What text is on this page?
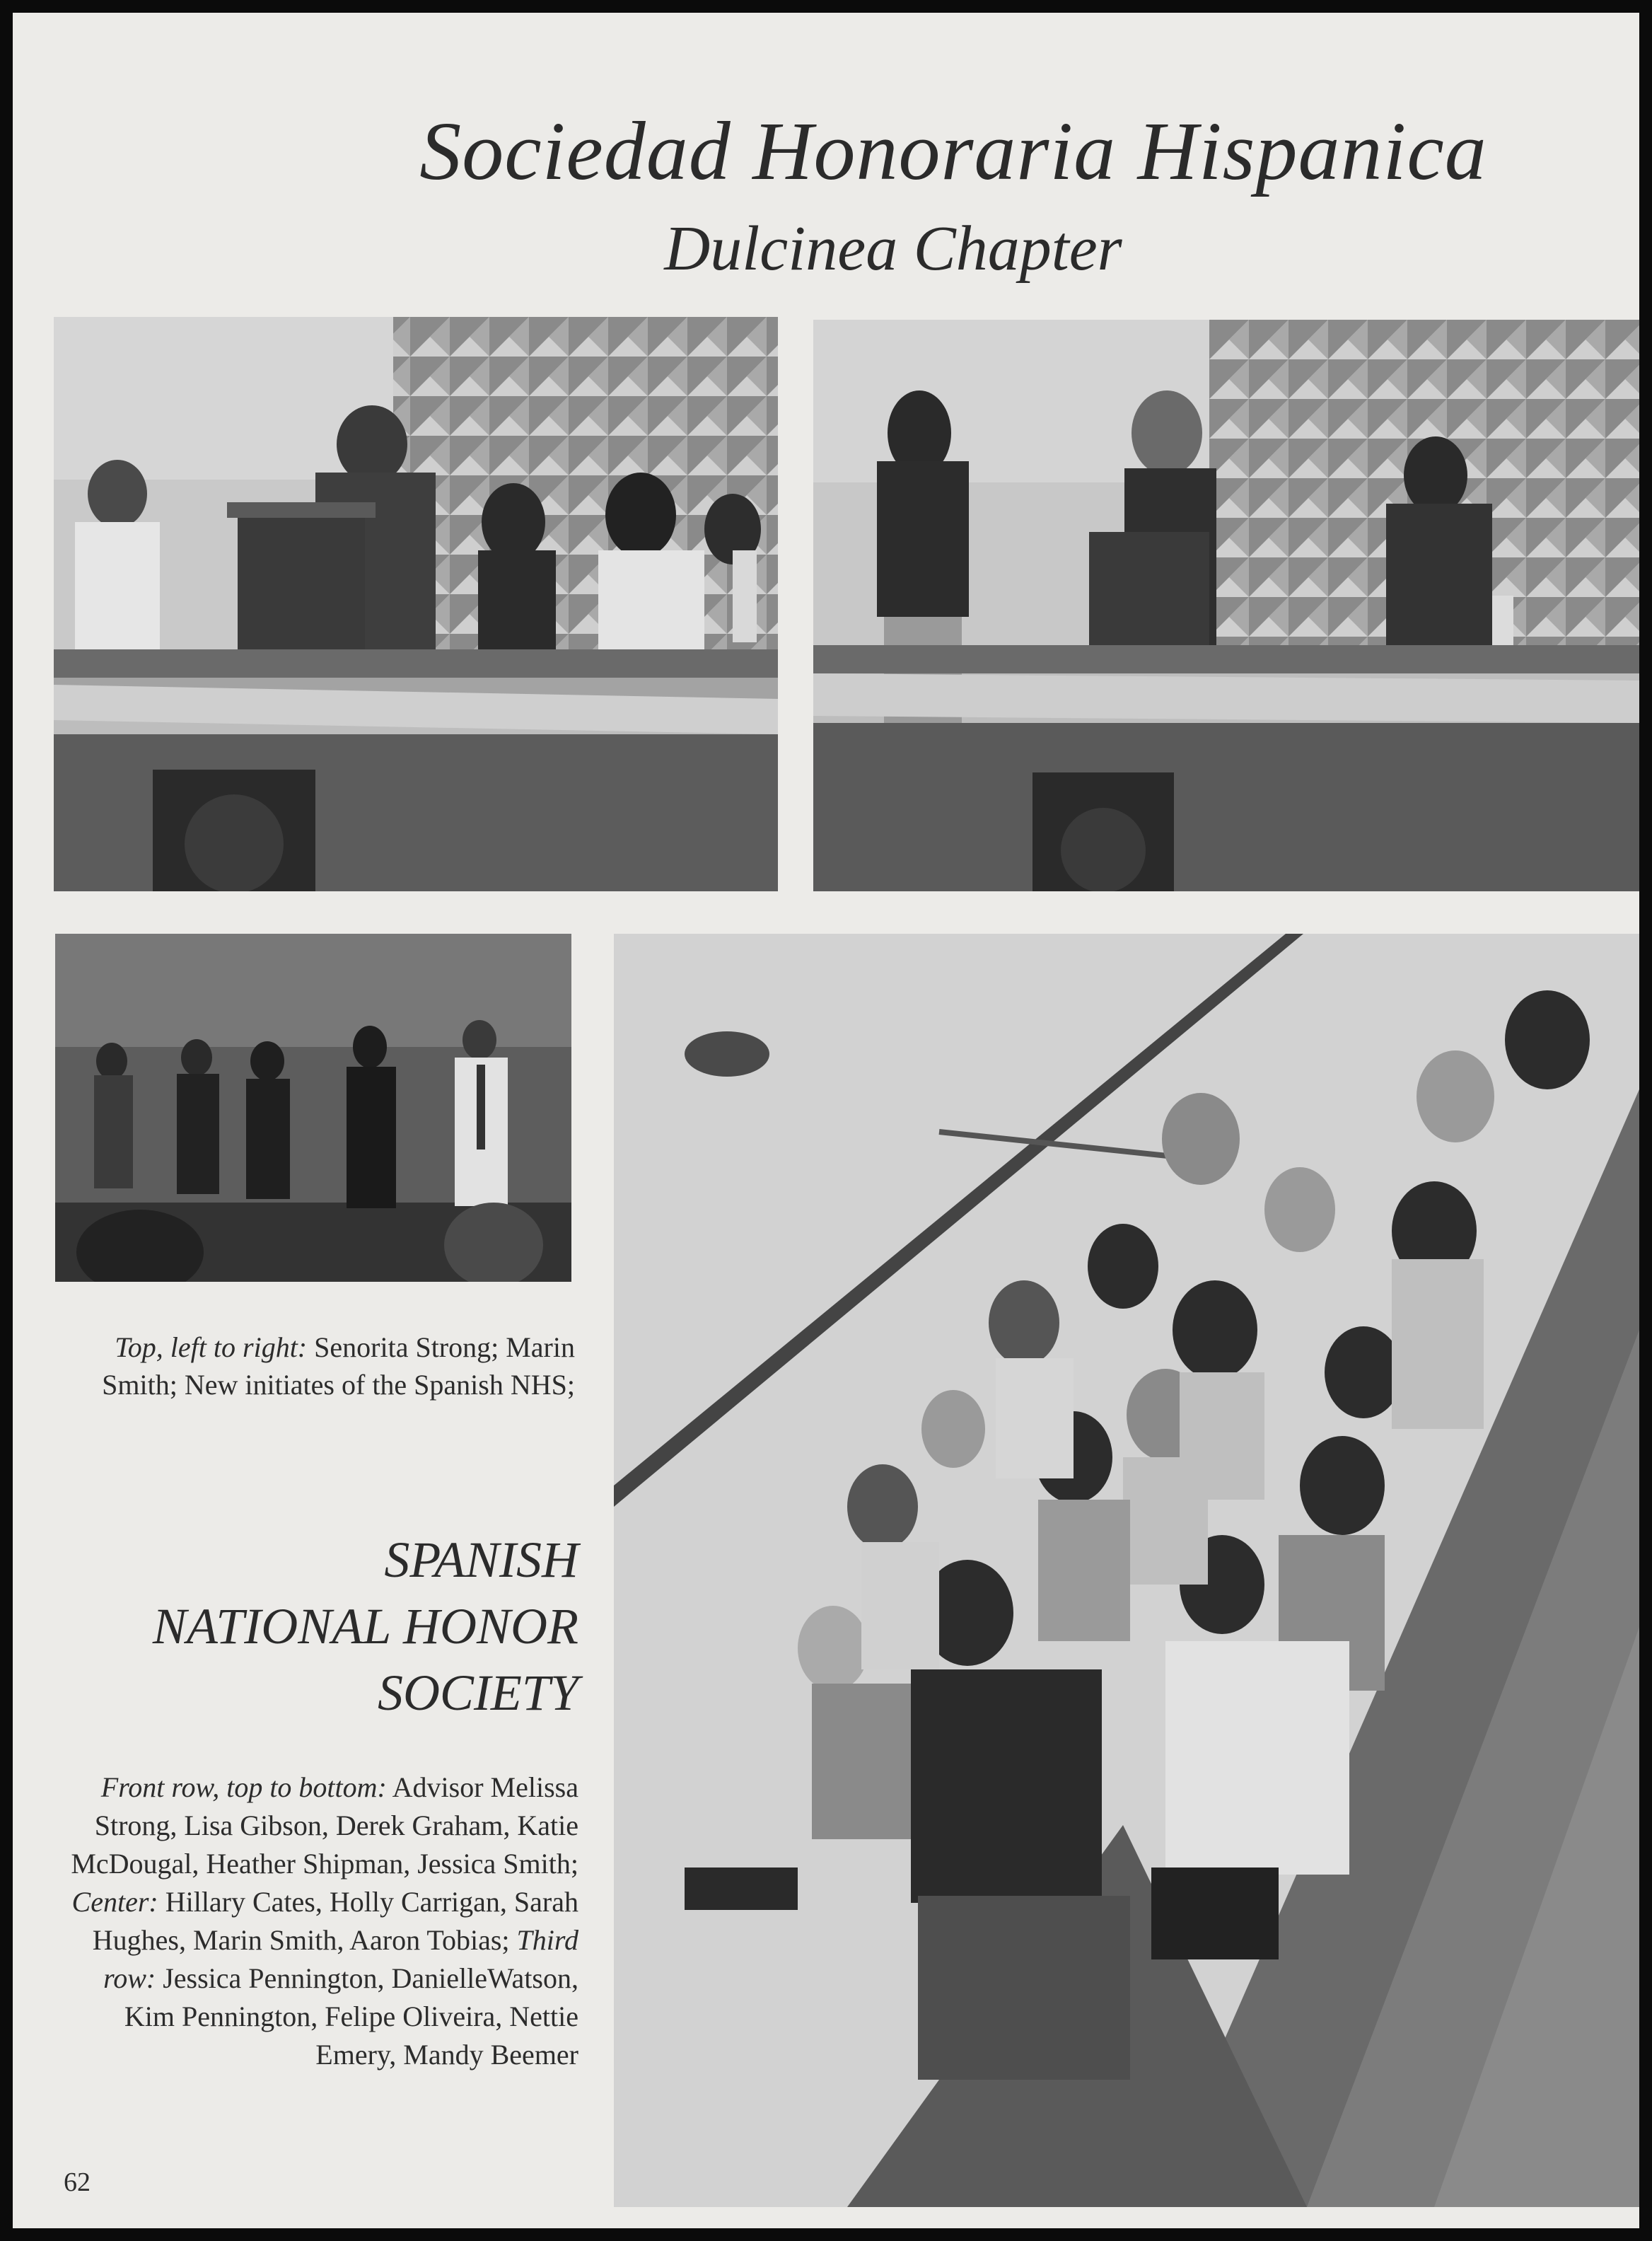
Sociedad Honoraria Hispanica
Dulcinea Chapter
Top, left to right: Senorita Strong; Marin Smith; New initiates of the Spanish NHS;
SPANISH
NATIONAL HONOR
SOCIETY
Front row, top to bottom: Advisor Melissa Strong, Lisa Gibson, Derek Graham, Katie McDougal, Heather Shipman, Jessica Smith; Center: Hillary Cates, Holly Carrigan, Sarah Hughes, Marin Smith, Aaron Tobias; Third row: Jessica Pennington, DanielleWatson, Kim Pennington, Felipe Oliveira, Nettie Emery, Mandy Beemer
62
